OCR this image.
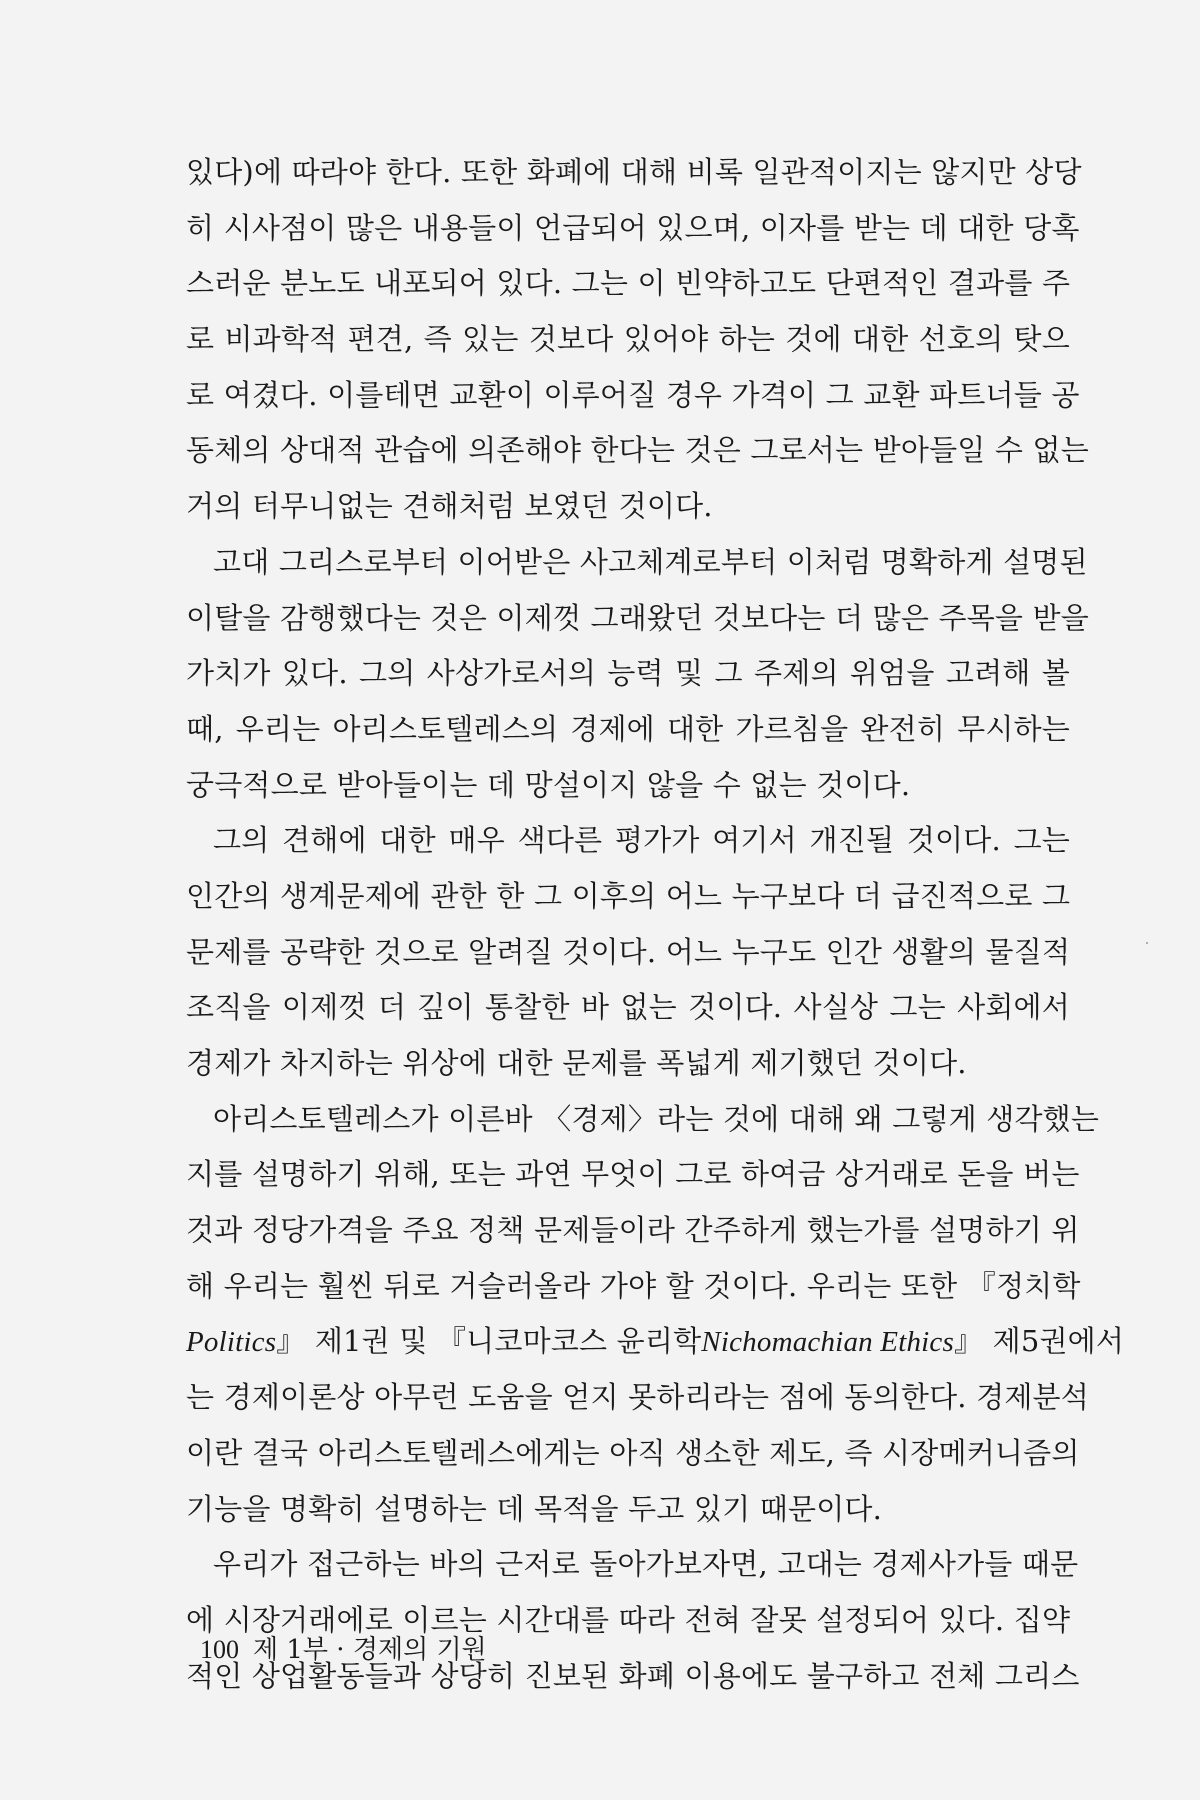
있다)에 따라야 한다. 또한 화폐에 대해 비록 일관적이지는 않지만 상당
히 시사점이 많은 내용들이 언급되어 있으며, 이자를 받는 데 대한 당혹
스러운 분노도 내포되어 있다. 그는 이 빈약하고도 단편적인 결과를 주
로 비과학적 편견, 즉 있는 것보다 있어야 하는 것에 대한 선호의 탓으
로 여겼다. 이를테면 교환이 이루어질 경우 가격이 그 교환 파트너들 공
동체의 상대적 관습에 의존해야 한다는 것은 그로서는 받아들일 수 없는
거의 터무니없는 견해처럼 보였던 것이다.
고대 그리스로부터 이어받은 사고체계로부터 이처럼 명확하게 설명된
이탈을 감행했다는 것은 이제껏 그래왔던 것보다는 더 많은 주목을 받을
가치가 있다. 그의 사상가로서의 능력 및 그 주제의 위엄을 고려해 볼
때, 우리는 아리스토텔레스의 경제에 대한 가르침을 완전히 무시하는
궁극적으로 받아들이는 데 망설이지 않을 수 없는 것이다.
그의 견해에 대한 매우 색다른 평가가 여기서 개진될 것이다. 그는
인간의 생계문제에 관한 한 그 이후의 어느 누구보다 더 급진적으로 그
문제를 공략한 것으로 알려질 것이다. 어느 누구도 인간 생활의 물질적
조직을 이제껏 더 깊이 통찰한 바 없는 것이다. 사실상 그는 사회에서
경제가 차지하는 위상에 대한 문제를 폭넓게 제기했던 것이다.
아리스토텔레스가 이른바 〈경제〉라는 것에 대해 왜 그렇게 생각했는
지를 설명하기 위해, 또는 과연 무엇이 그로 하여금 상거래로 돈을 버는
것과 정당가격을 주요 정책 문제들이라 간주하게 했는가를 설명하기 위
해 우리는 훨씬 뒤로 거슬러올라 가야 할 것이다. 우리는 또한 『정치학
Politics』 제1권 및 『니코마코스 윤리학Nichomachian Ethics』 제5권에서
는 경제이론상 아무런 도움을 얻지 못하리라는 점에 동의한다. 경제분석
이란 결국 아리스토텔레스에게는 아직 생소한 제도, 즉 시장메커니즘의
기능을 명확히 설명하는 데 목적을 두고 있기 때문이다.
우리가 접근하는 바의 근저로 돌아가보자면, 고대는 경제사가들 때문
에 시장거래에로 이르는 시간대를 따라 전혀 잘못 설정되어 있다. 집약
적인 상업활동들과 상당히 진보된 화폐 이용에도 불구하고 전체 그리스
100 제 1부 · 경제의 기원
